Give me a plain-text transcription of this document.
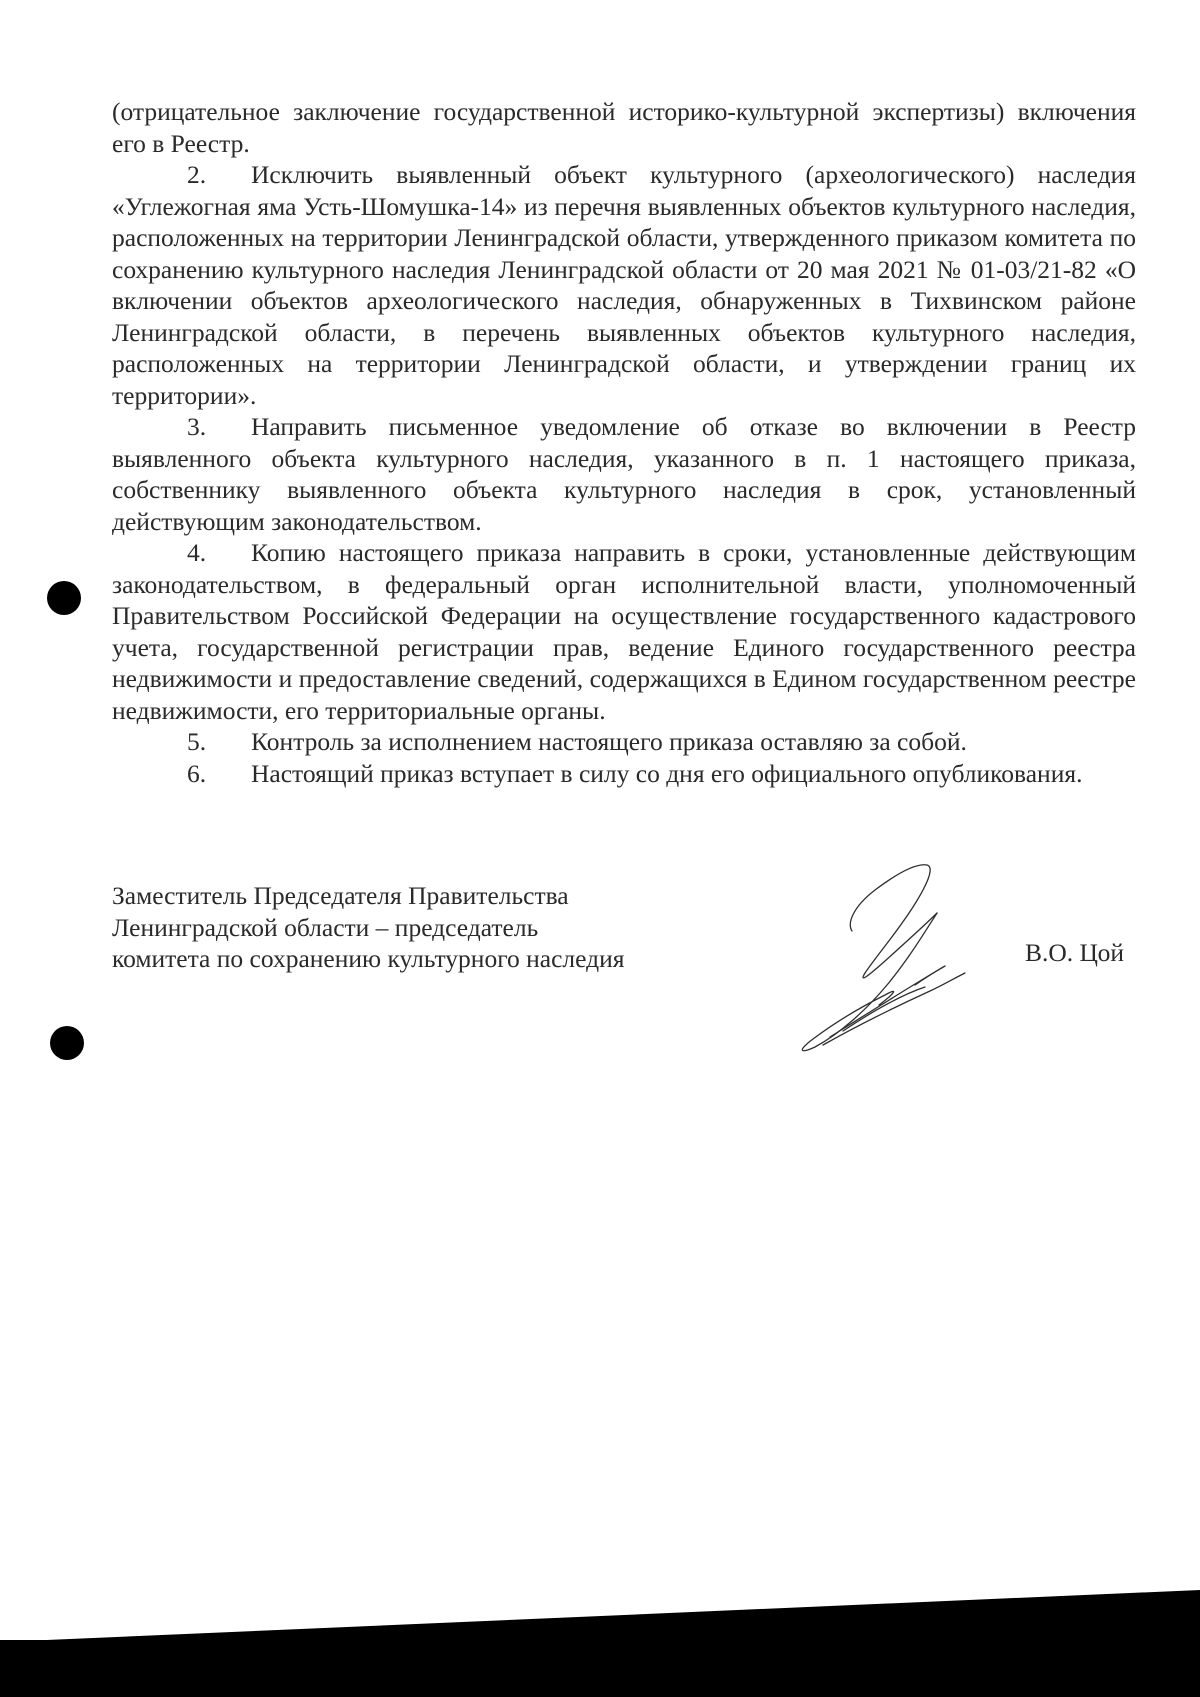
(отрицательное заключение государственной историко-культурной экспертизы) включения его в Реестр.

2. Исключить выявленный объект культурного (археологического) наследия «Углежогная яма Усть-Шомушка-14» из перечня выявленных объектов культурного наследия, расположенных на территории Ленинградской области, утвержденного приказом комитета по сохранению культурного наследия Ленинградской области от 20 мая 2021 № 01-03/21-82 «О включении объектов археологического наследия, обнаруженных в Тихвинском районе Ленинградской области, в перечень выявленных объектов культурного наследия, расположенных на территории Ленинградской области, и утверждении границ их территории».

3. Направить письменное уведомление об отказе во включении в Реестр выявленного объекта культурного наследия, указанного в п. 1 настоящего приказа, собственнику выявленного объекта культурного наследия в срок, установленный действующим законодательством.

4. Копию настоящего приказа направить в сроки, установленные действующим законодательством, в федеральный орган исполнительной власти, уполномоченный Правительством Российской Федерации на осуществление государственного кадастрового учета, государственной регистрации прав, ведение Единого государственного реестра недвижимости и предоставление сведений, содержащихся в Едином государственном реестре недвижимости, его территориальные органы.

5. Контроль за исполнением настоящего приказа оставляю за собой.

6. Настоящий приказ вступает в силу со дня его официального опубликования.

Заместитель Председателя Правительства
Ленинградской области – председатель
комитета по сохранению культурного наследия	В.О. Цой
